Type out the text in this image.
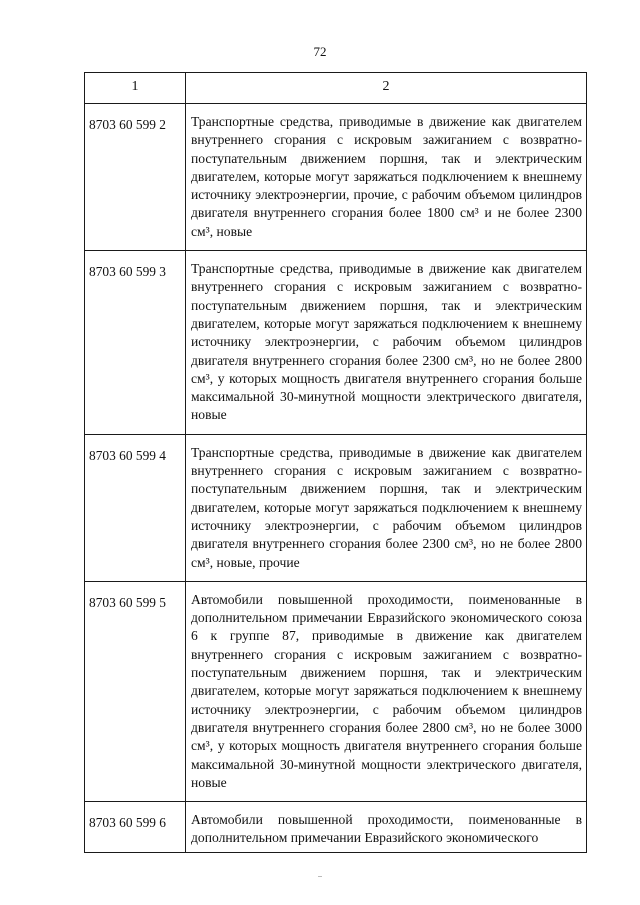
72
1	2
8703 60 599 2	Транспортные средства, приводимые в движение как двигателем внутреннего сгорания с искровым зажиганием с возвратно-поступательным движением поршня, так и электрическим двигателем, которые могут заряжаться подключением к внешнему источнику электроэнергии, прочие, с рабочим объемом цилиндров двигателя внутреннего сгорания более 1800 см³ и не более 2300 см³, новые

8703 60 599 3	Транспортные средства, приводимые в движение как двигателем внутреннего сгорания с искровым зажиганием с возвратно-поступательным движением поршня, так и электрическим двигателем, которые могут заряжаться подключением к внешнему источнику электроэнергии, с рабочим объемом цилиндров двигателя внутреннего сгорания более 2300 см³, но не более 2800 см³, у которых мощность двигателя внутреннего сгорания больше максимальной 30-минутной мощности электрического двигателя, новые

8703 60 599 4	Транспортные средства, приводимые в движение как двигателем внутреннего сгорания с искровым зажиганием с возвратно-поступательным движением поршня, так и электрическим двигателем, которые могут заряжаться подключением к внешнему источнику электроэнергии, с рабочим объемом цилиндров двигателя внутреннего сгорания более 2300 см³, но не более 2800 см³, новые, прочие

8703 60 599 5	Автомобили повышенной проходимости, поименованные в дополнительном примечании Евразийского экономического союза 6 к группе 87, приводимые в движение как двигателем внутреннего сгорания с искровым зажиганием с возвратно-поступательным движением поршня, так и электрическим двигателем, которые могут заряжаться подключением к внешнему источнику электроэнергии, с рабочим объемом цилиндров двигателя внутреннего сгорания более 2800 см³, но не более 3000 см³, у которых мощность двигателя внутреннего сгорания больше максимальной 30-минутной мощности электрического двигателя, новые

8703 60 599 6	Автомобили повышенной проходимости, поименованные в дополнительном примечании Евразийского экономического
